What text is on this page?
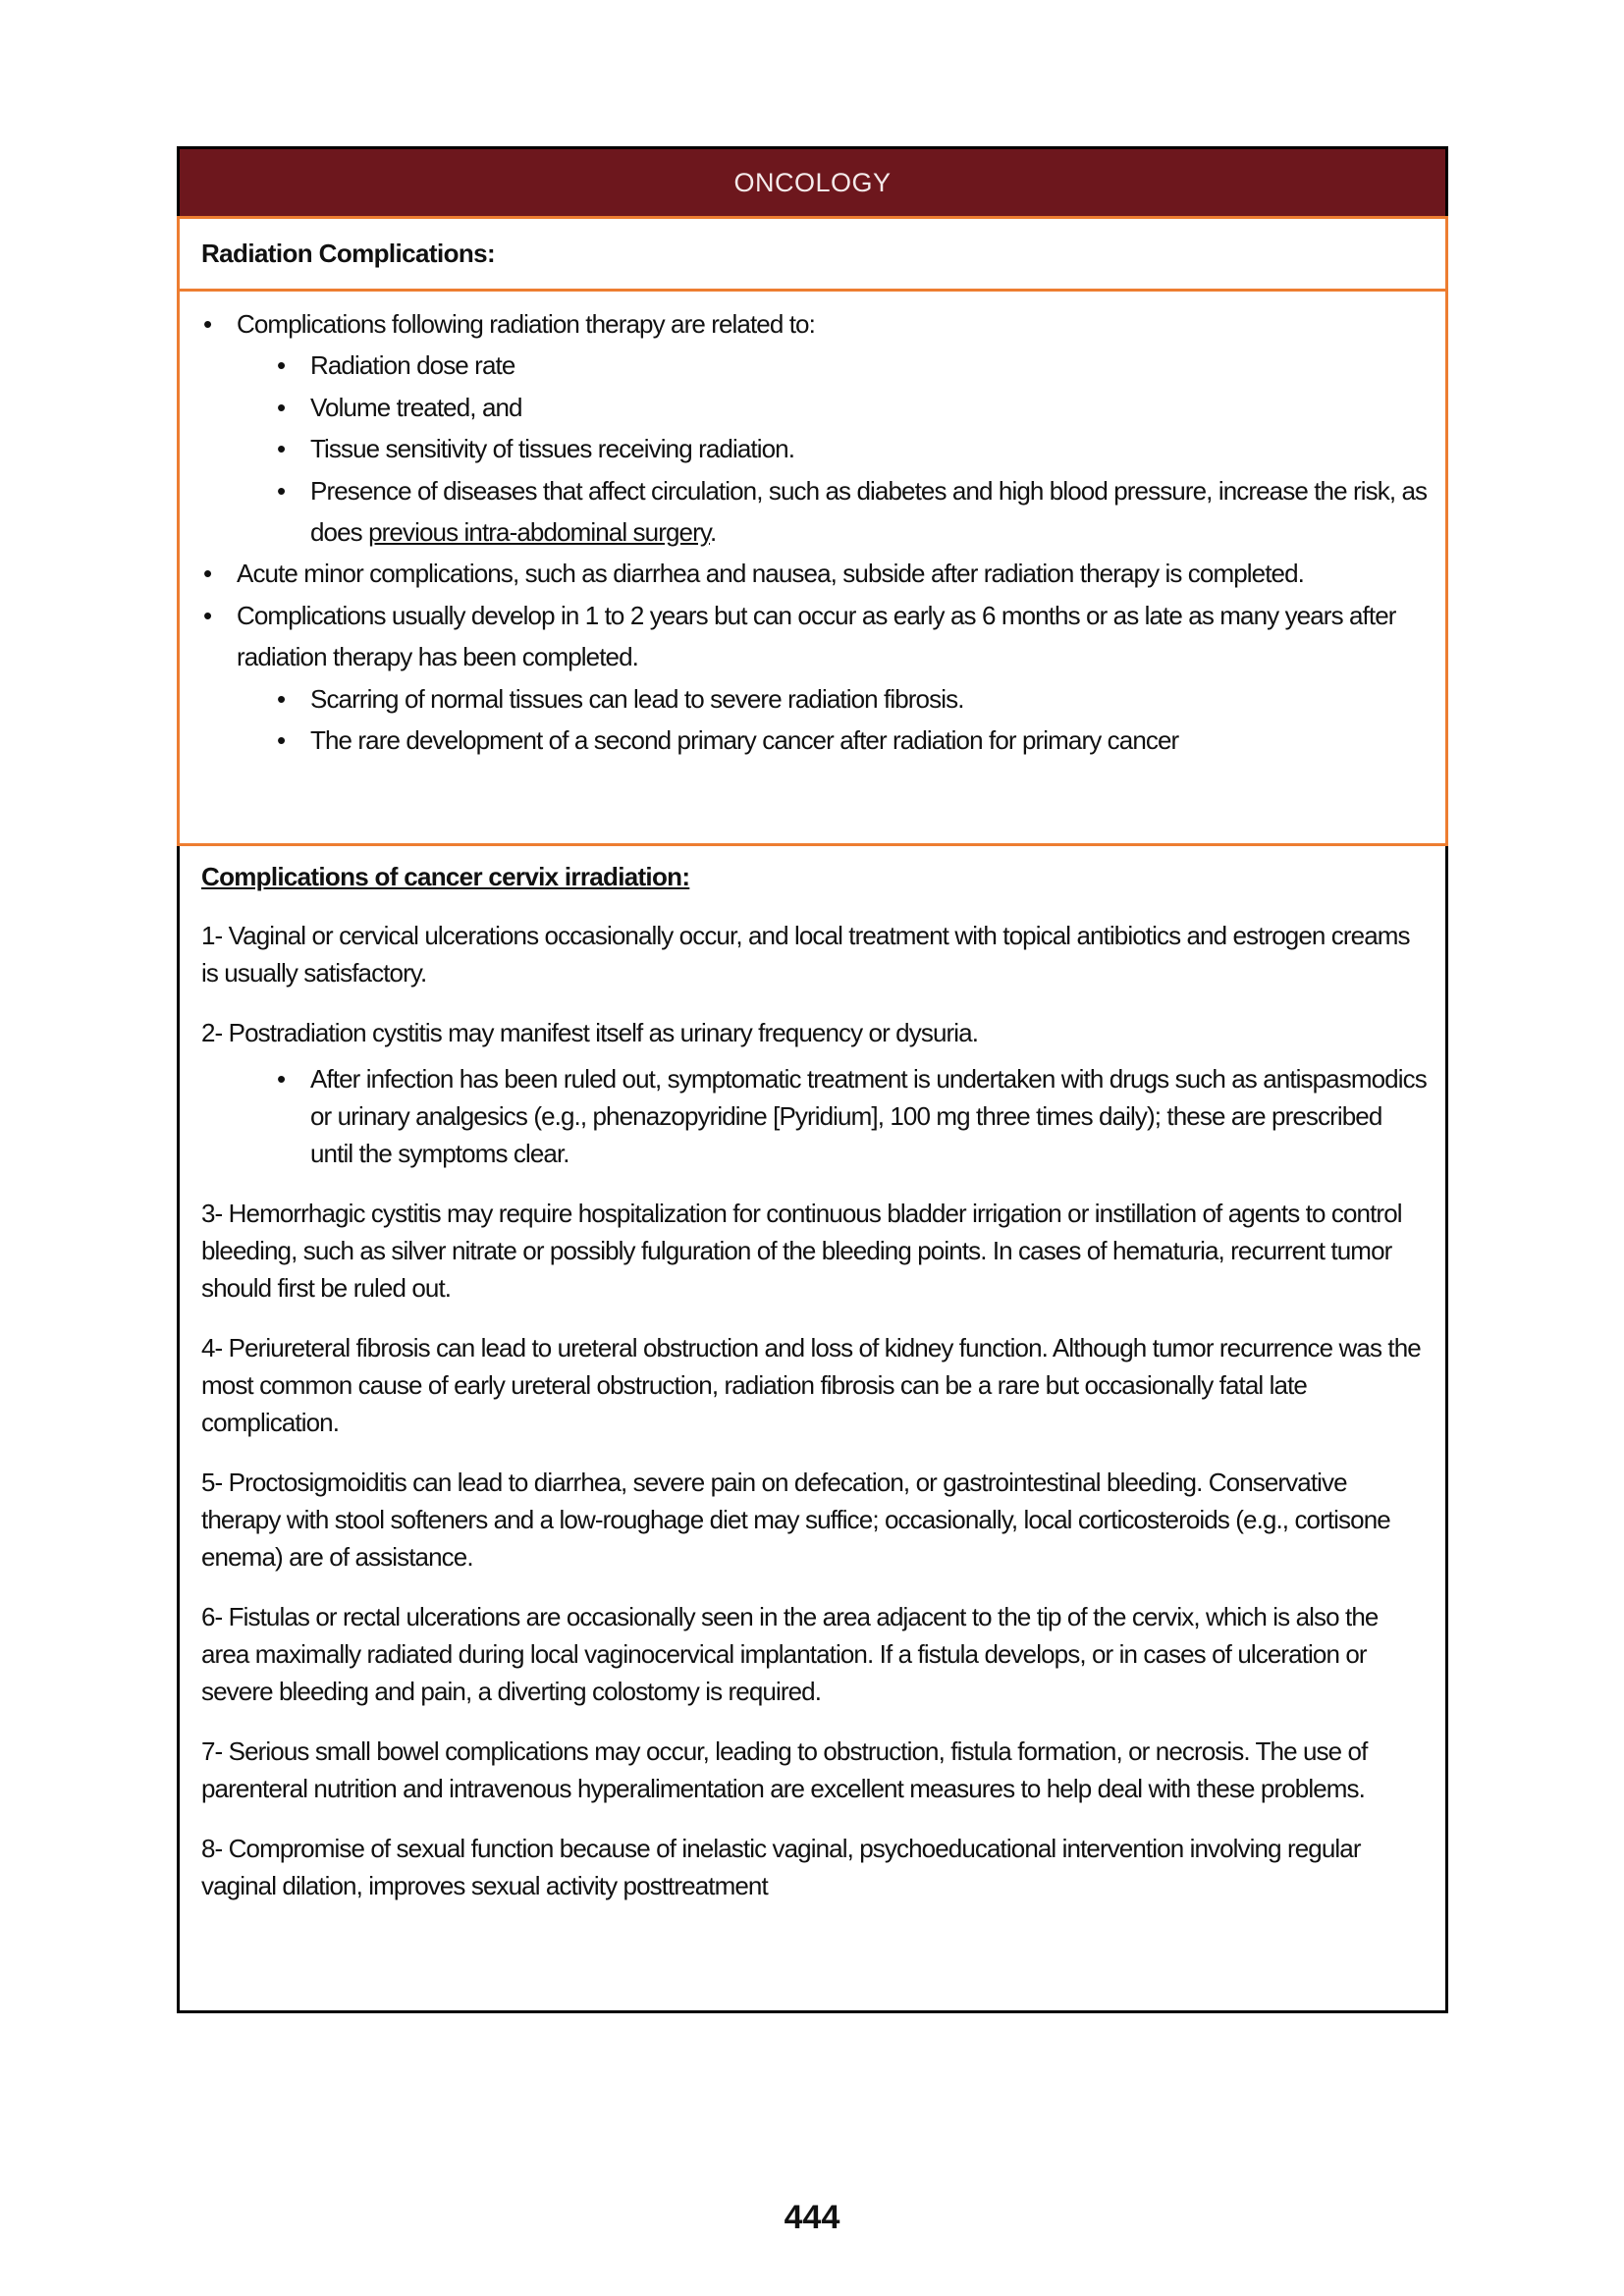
ONCOLOGY
Radiation Complications:
• Complications following radiation therapy are related to:
• Radiation dose rate
• Volume treated, and
• Tissue sensitivity of tissues receiving radiation.
• Presence of diseases that affect circulation, such as diabetes and high blood pressure, increase the risk, as does previous intra-abdominal surgery.
• Acute minor complications, such as diarrhea and nausea, subside after radiation therapy is completed.
• Complications usually develop in 1 to 2 years but can occur as early as 6 months or as late as many years after radiation therapy has been completed.
• Scarring of normal tissues can lead to severe radiation fibrosis.
• The rare development of a second primary cancer after radiation for primary cancer
Complications of cancer cervix irradiation:

1- Vaginal or cervical ulcerations occasionally occur, and local treatment with topical antibiotics and estrogen creams is usually satisfactory.

2- Postradiation cystitis may manifest itself as urinary frequency or dysuria.

• After infection has been ruled out, symptomatic treatment is undertaken with drugs such as antispasmodics or urinary analgesics (e.g., phenazopyridine [Pyridium], 100 mg three times daily); these are prescribed until the symptoms clear.

3- Hemorrhagic cystitis may require hospitalization for continuous bladder irrigation or instillation of agents to control bleeding, such as silver nitrate or possibly fulguration of the bleeding points. In cases of hematuria, recurrent tumor should first be ruled out.

4- Periureteral fibrosis can lead to ureteral obstruction and loss of kidney function. Although tumor recurrence was the most common cause of early ureteral obstruction, radiation fibrosis can be a rare but occasionally fatal late complication.

5- Proctosigmoiditis can lead to diarrhea, severe pain on defecation, or gastrointestinal bleeding. Conservative therapy with stool softeners and a low-roughage diet may suffice; occasionally, local corticosteroids (e.g., cortisone enema) are of assistance.

6- Fistulas or rectal ulcerations are occasionally seen in the area adjacent to the tip of the cervix, which is also the area maximally radiated during local vaginocervical implantation. If a fistula develops, or in cases of ulceration or severe bleeding and pain, a diverting colostomy is required.

7- Serious small bowel complications may occur, leading to obstruction, fistula formation, or necrosis. The use of parenteral nutrition and intravenous hyperalimentation are excellent measures to help deal with these problems.

8- Compromise of sexual function because of inelastic vaginal, psychoeducational intervention involving regular vaginal dilation, improves sexual activity posttreatment

444
